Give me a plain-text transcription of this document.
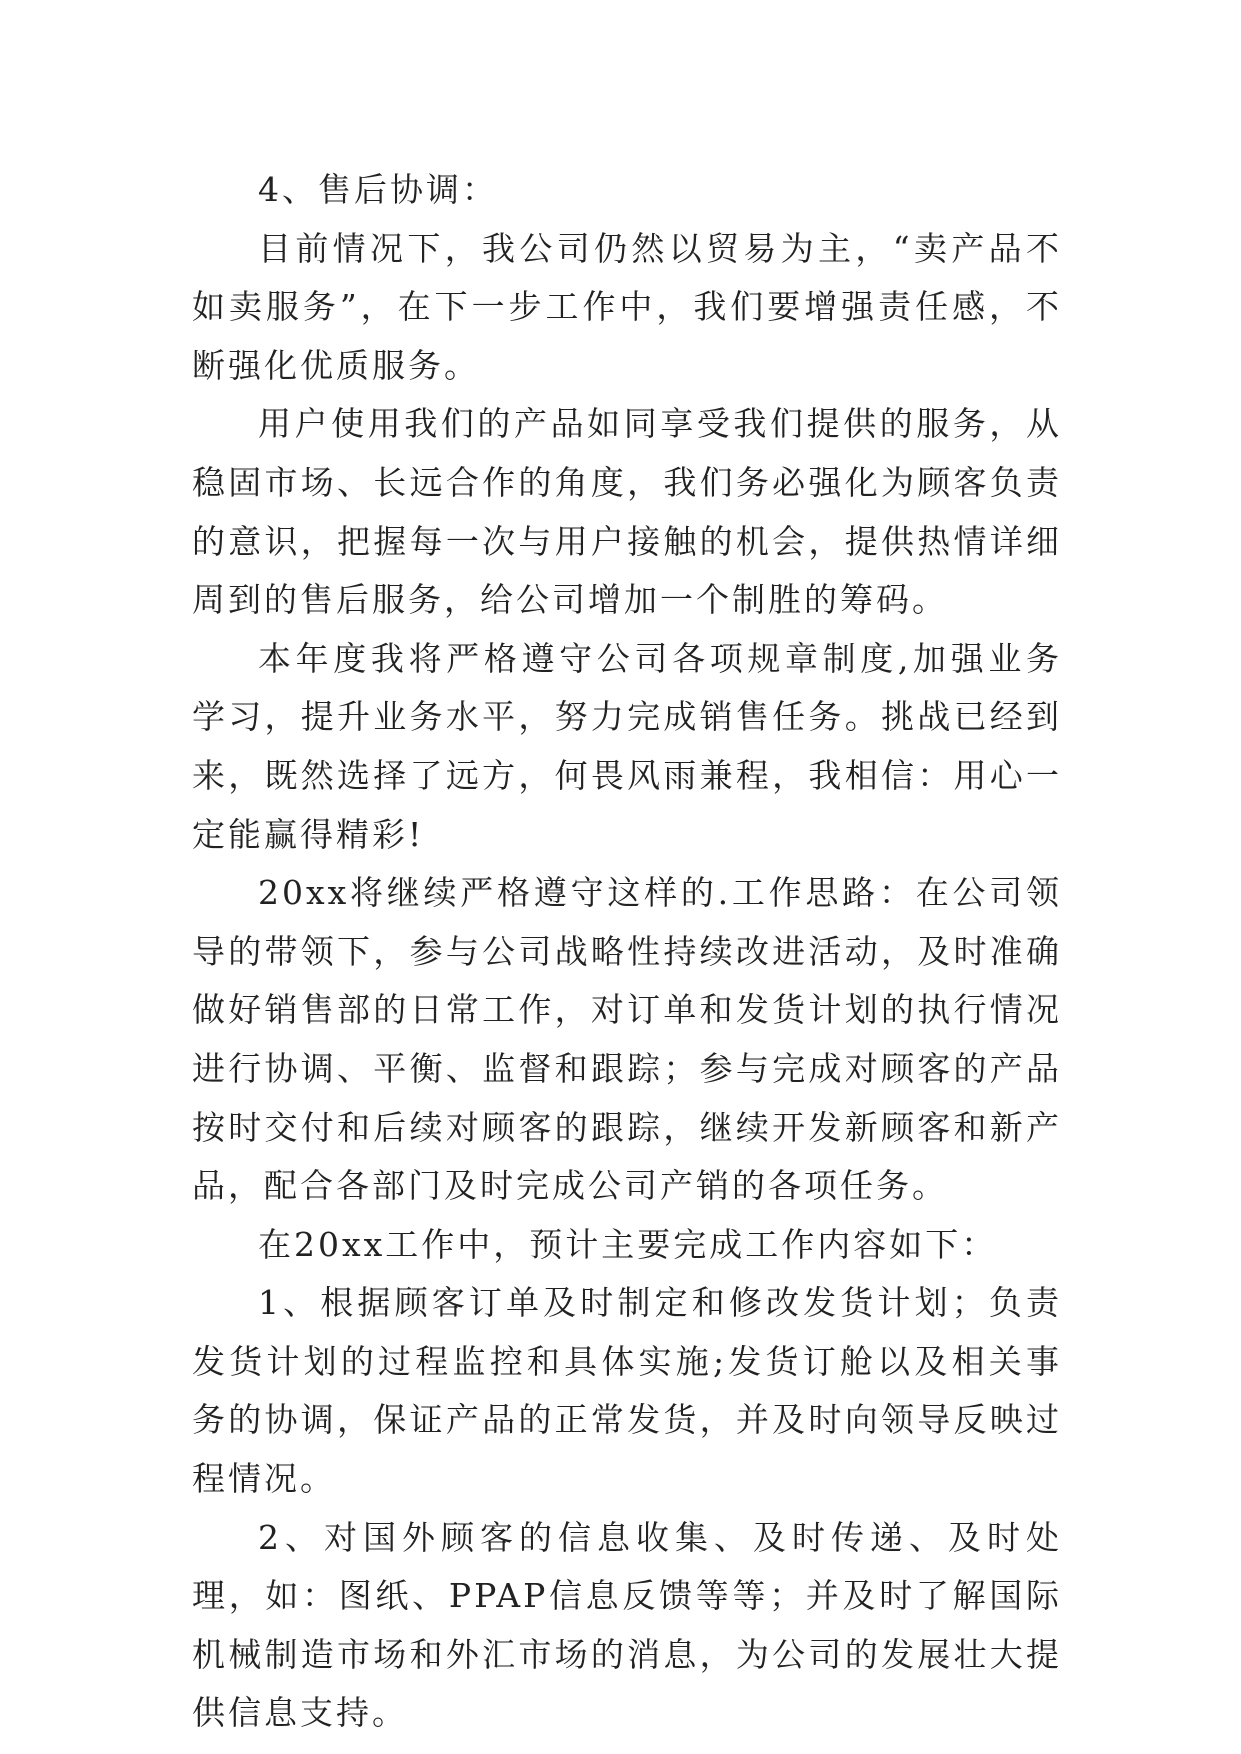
4、售后协调：

目前情况下，我公司仍然以贸易为主，“卖产品不如卖服务”，在下一步工作中，我们要增强责任感，不断强化优质服务。

用户使用我们的产品如同享受我们提供的服务，从稳固市场、长远合作的角度，我们务必强化为顾客负责的意识，把握每一次与用户接触的机会，提供热情详细周到的售后服务，给公司增加一个制胜的筹码。

本年度我将严格遵守公司各项规章制度,加强业务学习，提升业务水平，努力完成销售任务。挑战已经到来，既然选择了远方，何畏风雨兼程，我相信：用心一定能赢得精彩!

20xx将继续严格遵守这样的.工作思路：在公司领导的带领下，参与公司战略性持续改进活动，及时准确做好销售部的日常工作，对订单和发货计划的执行情况进行协调、平衡、监督和跟踪；参与完成对顾客的产品按时交付和后续对顾客的跟踪，继续开发新顾客和新产品，配合各部门及时完成公司产销的各项任务。

在20xx工作中，预计主要完成工作内容如下：

1、根据顾客订单及时制定和修改发货计划；负责发货计划的过程监控和具体实施;发货订舱以及相关事务的协调，保证产品的正常发货，并及时向领导反映过程情况。

2、对国外顾客的信息收集、及时传递、及时处理，如：图纸、PPAP信息反馈等等；并及时了解国际机械制造市场和外汇市场的消息，为公司的发展壮大提供信息支持。
